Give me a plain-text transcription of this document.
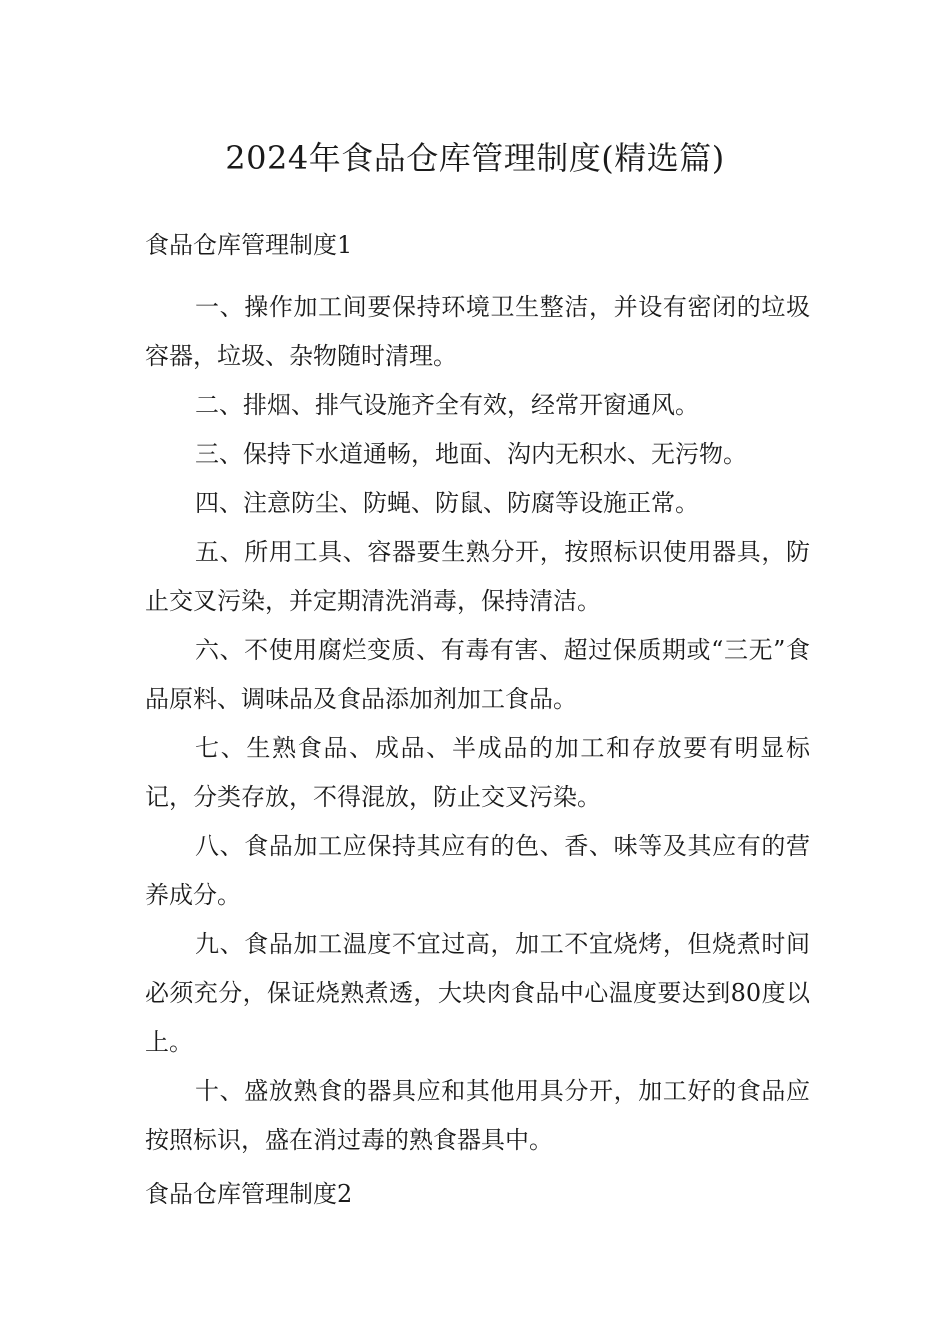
2024年食品仓库管理制度(精选篇)
食品仓库管理制度1

一、操作加工间要保持环境卫生整洁，并设有密闭的垃圾容器，垃圾、杂物随时清理。

二、排烟、排气设施齐全有效，经常开窗通风。

三、保持下水道通畅，地面、沟内无积水、无污物。

四、注意防尘、防蝇、防鼠、防腐等设施正常。

五、所用工具、容器要生熟分开，按照标识使用器具，防止交叉污染，并定期清洗消毒，保持清洁。

六、不使用腐烂变质、有毒有害、超过保质期或“三无”食品原料、调味品及食品添加剂加工食品。

七、生熟食品、成品、半成品的加工和存放要有明显标记，分类存放，不得混放，防止交叉污染。

八、食品加工应保持其应有的色、香、味等及其应有的营养成分。

九、食品加工温度不宜过高，加工不宜烧烤，但烧煮时间必须充分，保证烧熟煮透，大块肉食品中心温度要达到80度以上。

十、盛放熟食的器具应和其他用具分开，加工好的食品应按照标识，盛在消过毒的熟食器具中。

食品仓库管理制度2
